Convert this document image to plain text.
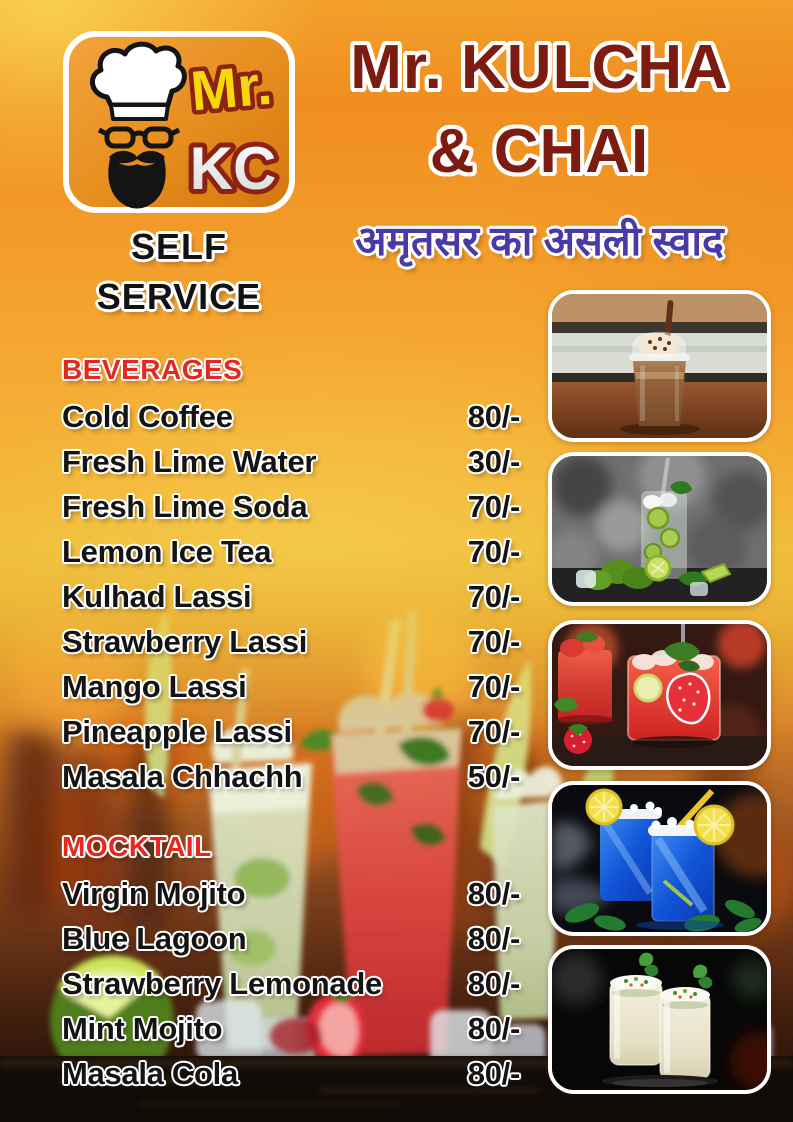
Mr.
KC
Mr. KULCHA
& CHAI
अमृतसर का असली स्वाद
SELF
SERVICE
BEVERAGES
Cold Coffee	80/-
Fresh Lime Water	30/-
Fresh Lime Soda	70/-
Lemon Ice Tea	70/-
Kulhad Lassi	70/-
Strawberry Lassi	70/-
Mango Lassi	70/-
Pineapple Lassi	70/-
Masala Chhachh	50/-
MOCKTAIL
Virgin Mojito	80/-
Blue Lagoon	80/-
Strawberry Lemonade	80/-
Mint Mojito	80/-
Masala Cola	80/-
